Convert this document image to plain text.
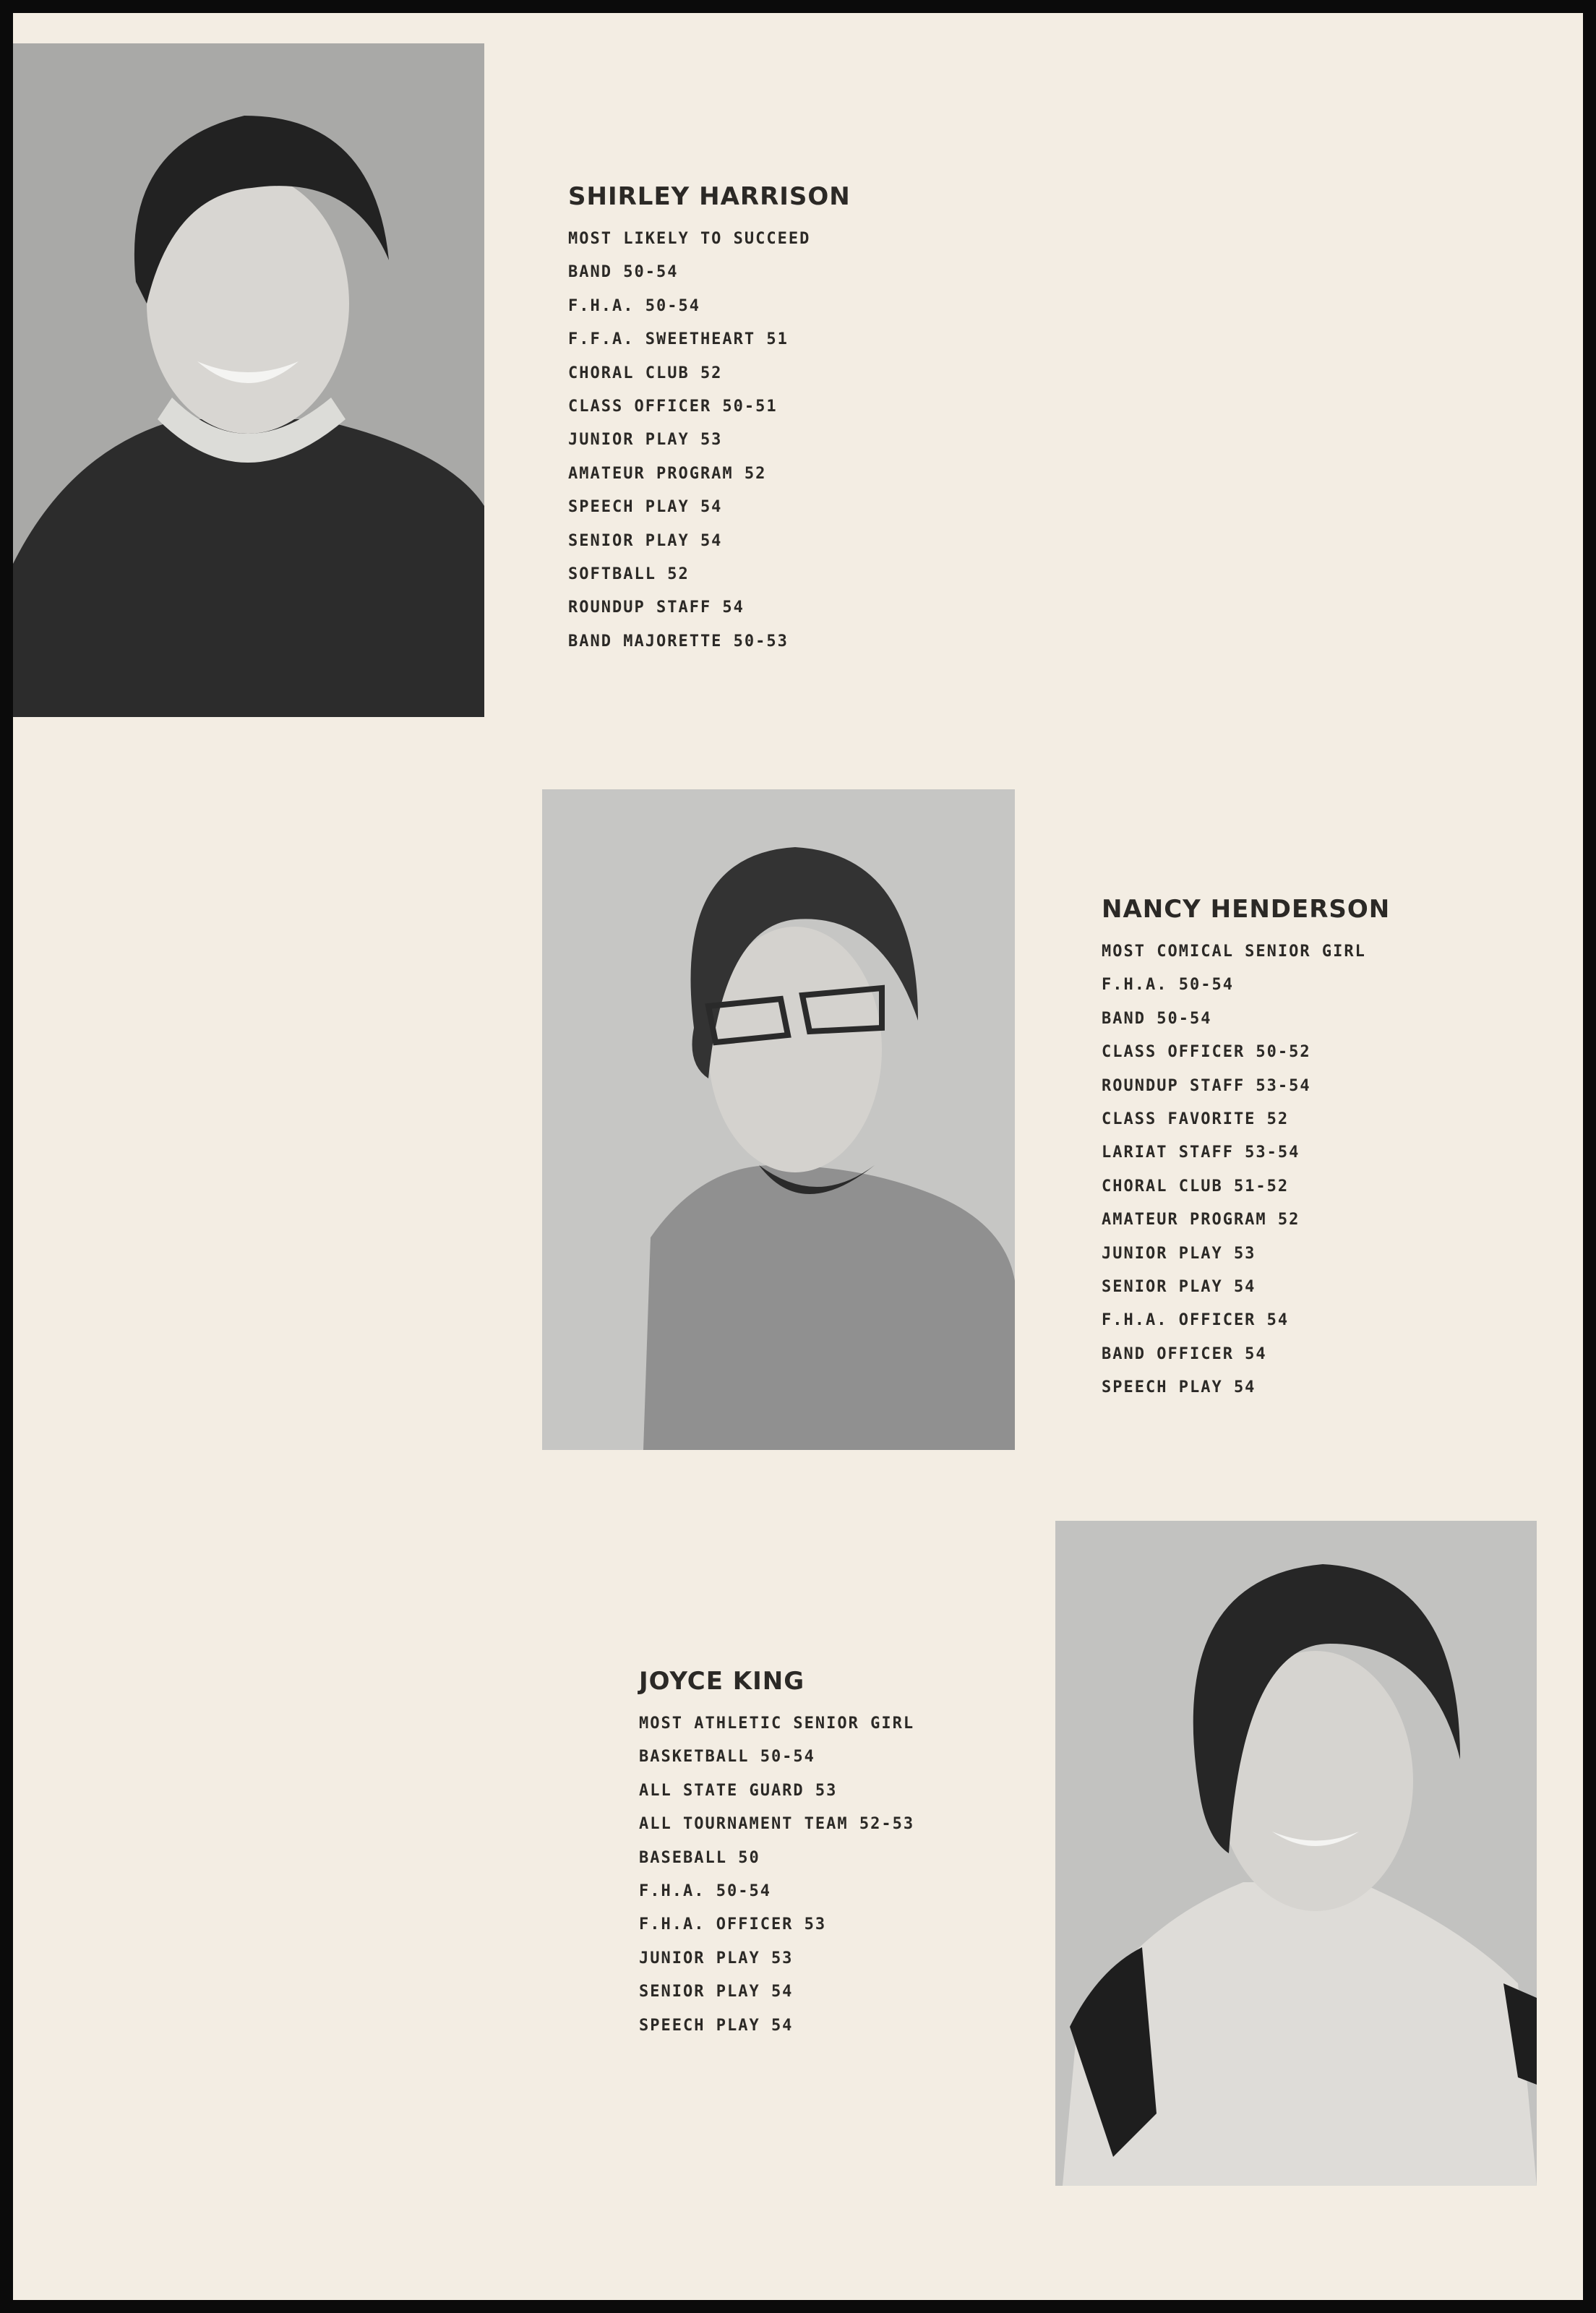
SHIRLEY HARRISON
MOST LIKELY TO SUCCEED
BAND 50-54
F.H.A. 50-54
F.F.A. SWEETHEART 51
CHORAL CLUB 52
CLASS OFFICER 50-51
JUNIOR PLAY 53
AMATEUR PROGRAM 52
SPEECH PLAY 54
SENIOR PLAY 54
SOFTBALL 52
ROUNDUP STAFF 54
BAND MAJORETTE 50-53
NANCY HENDERSON
MOST COMICAL SENIOR GIRL
F.H.A. 50-54
BAND 50-54
CLASS OFFICER 50-52
ROUNDUP STAFF 53-54
CLASS FAVORITE 52
LARIAT STAFF 53-54
CHORAL CLUB 51-52
AMATEUR PROGRAM 52
JUNIOR PLAY 53
SENIOR PLAY 54
F.H.A. OFFICER 54
BAND OFFICER 54
SPEECH PLAY 54
JOYCE KING
MOST ATHLETIC SENIOR GIRL
BASKETBALL 50-54
ALL STATE GUARD 53
ALL TOURNAMENT TEAM 52-53
BASEBALL 50
F.H.A. 50-54
F.H.A. OFFICER 53
JUNIOR PLAY 53
SENIOR PLAY 54
SPEECH PLAY 54
